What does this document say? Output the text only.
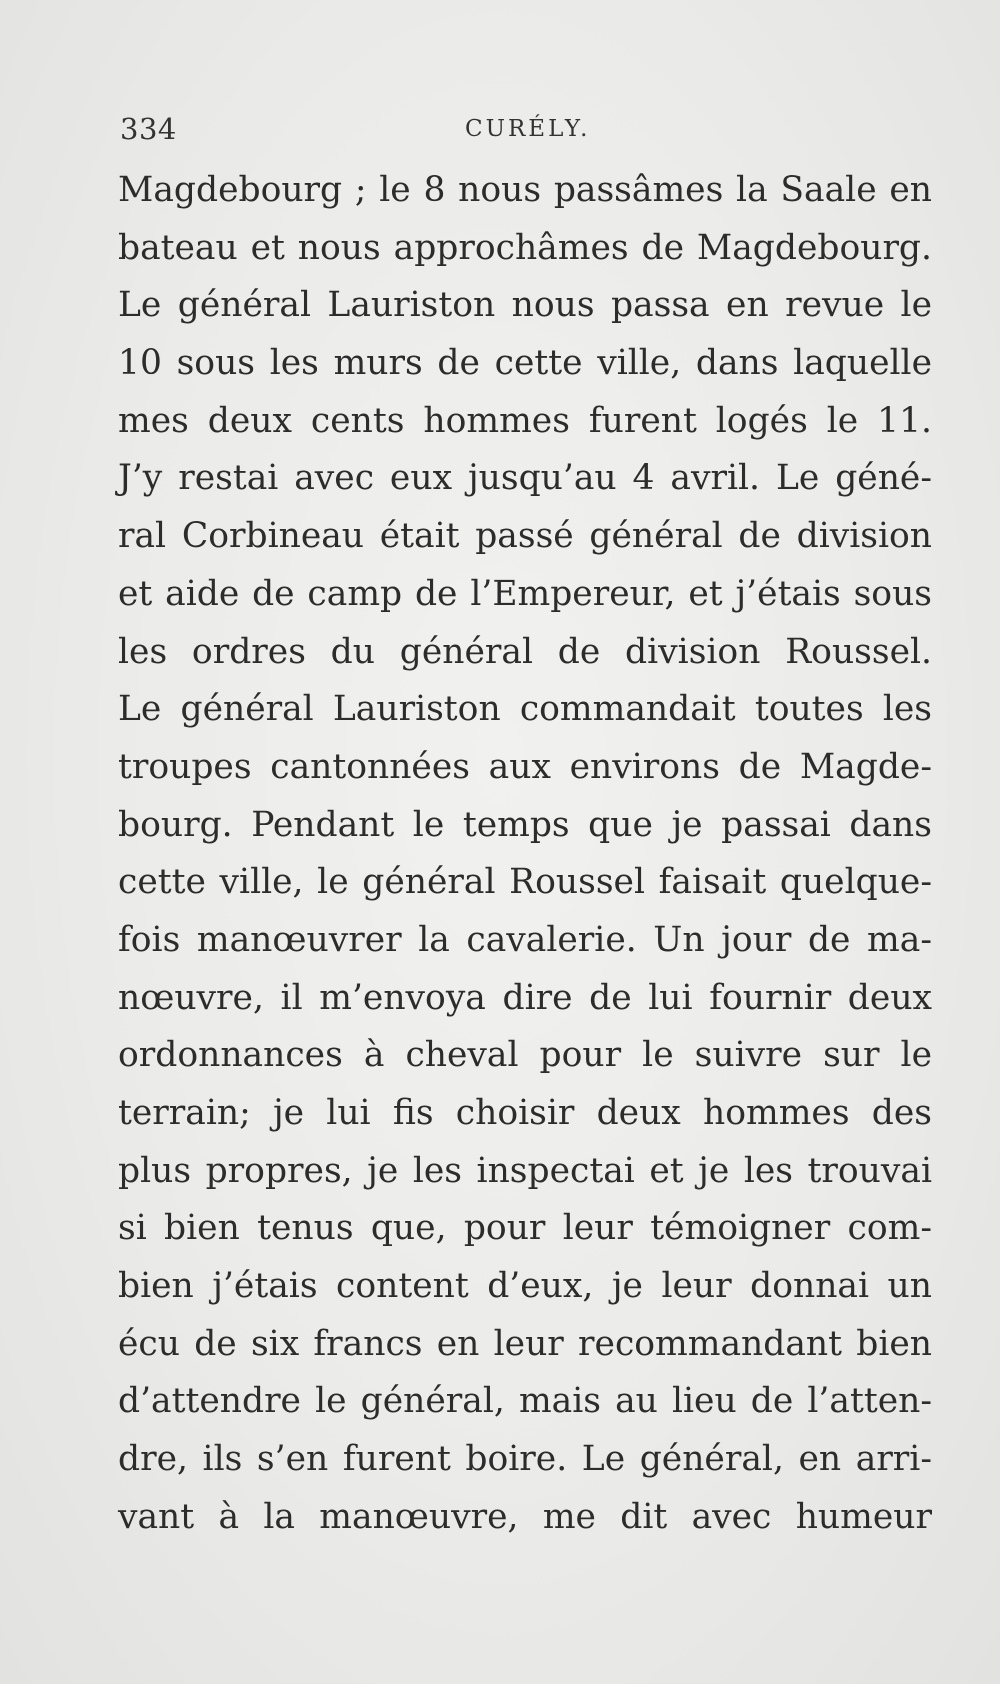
334	CURÉLY.
Magdebourg ; le 8 nous passâmes la Saale en
bateau et nous approchâmes de Magdebourg.
Le général Lauriston nous passa en revue le
10 sous les murs de cette ville, dans laquelle
mes deux cents hommes furent logés le 11.
J’y restai avec eux jusqu’au 4 avril. Le géné-
ral Corbineau était passé général de division
et aide de camp de l’Empereur, et j’étais sous
les ordres du général de division Roussel.
Le général Lauriston commandait toutes les
troupes cantonnées aux environs de Magde-
bourg. Pendant le temps que je passai dans
cette ville, le général Roussel faisait quelque-
fois manœuvrer la cavalerie. Un jour de ma-
nœuvre, il m’envoya dire de lui fournir deux
ordonnances à cheval pour le suivre sur le
terrain; je lui fis choisir deux hommes des
plus propres, je les inspectai et je les trouvai
si bien tenus que, pour leur témoigner com-
bien j’étais content d’eux, je leur donnai un
écu de six francs en leur recommandant bien
d’attendre le général, mais au lieu de l’atten-
dre, ils s’en furent boire. Le général, en arri-
vant à la manœuvre, me dit avec humeur
